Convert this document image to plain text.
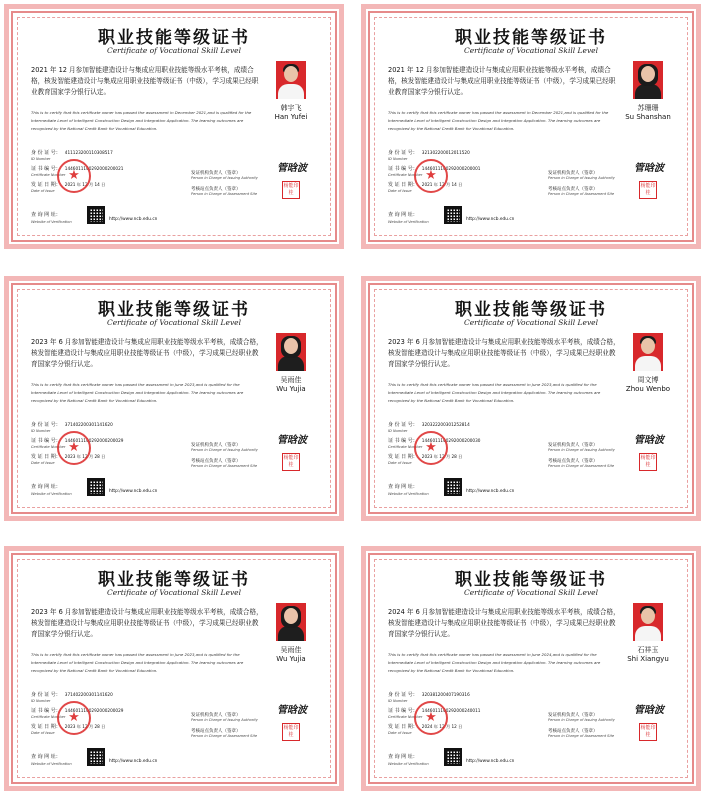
职业技能等级证书
Certificate of Vocational Skill Level
2021 年 12 月参加智能建造设计与集成应用职业技能等级水平考核，成绩合格，核发智能建造设计与集成应用职业技能等级证书（中级），学习成果已经职业教育国家学分银行认定。
This is to certify that this certificate owner has passed the assessment in December 2021,and is qualified for the Intermediate Level of Intelligent Construction Design and Integration Application. The learning outcomes are recognized by the National Credit Bank for Vocational Education.
韩宇飞
Han Yufei
身 份 证 号： 411123200110308517
ID Number
证 书 编 号： 1446011100292000200021
Certificate Number
发 证 日 期： 2021 年 12 月 14 日
Date of Issue
★	发证机构负责人（签章）
Person in Charge of Issuing Authority
考核站点负责人（签章）
Person in Charge of Assessment Site
管晗波
杨能印桂
查 询 网 址：
Website of Verification	http://www.ncb.edu.cn
职业技能等级证书
Certificate of Vocational Skill Level
2021 年 12 月参加智能建造设计与集成应用职业技能等级水平考核，成绩合格，核发智能建造设计与集成应用职业技能等级证书（中级），学习成果已经职业教育国家学分银行认定。
This is to certify that this certificate owner has passed the assessment in December 2021,and is qualified for the Intermediate Level of Intelligent Construction Design and Integration Application. The learning outcomes are recognized by the National Credit Bank for Vocational Education.
苏珊珊
Su Shanshan
身 份 证 号： 321302200012011520
ID Number
证 书 编 号： 1446011100292000200001
Certificate Number
发 证 日 期： 2021 年 12 月 14 日
Date of Issue
★	发证机构负责人（签章）
Person in Charge of Issuing Authority
考核站点负责人（签章）
Person in Charge of Assessment Site
管晗波
杨能印桂
查 询 网 址：
Website of Verification	http://www.ncb.edu.cn
职业技能等级证书
Certificate of Vocational Skill Level
2023 年 6 月参加智能建造设计与集成应用职业技能等级水平考核，成绩合格，核发智能建造设计与集成应用职业技能等级证书（中级），学习成果已经职业教育国家学分银行认定。
This is to certify that this certificate owner has passed the assessment in June 2023,and is qualified for the Intermediate Level of Intelligent Construction Design and Integration Application. The learning outcomes are recognized by the National Credit Bank for Vocational Education.
吴雨佳
Wu Yujia
身 份 证 号： 371402200301141620
ID Number
证 书 编 号： 1446011100292000200029
Certificate Number
发 证 日 期： 2023 年 12 月 28 日
Date of Issue
★	发证机构负责人（签章）
Person in Charge of Issuing Authority
考核站点负责人（签章）
Person in Charge of Assessment Site
管晗波
杨能印桂
查 询 网 址：
Website of Verification	http://www.ncb.edu.cn
职业技能等级证书
Certificate of Vocational Skill Level
2023 年 6 月参加智能建造设计与集成应用职业技能等级水平考核，成绩合格，核发智能建造设计与集成应用职业技能等级证书（中级），学习成果已经职业教育国家学分银行认定。
This is to certify that this certificate owner has passed the assessment in June 2023,and is qualified for the Intermediate Level of Intelligent Construction Design and Integration Application. The learning outcomes are recognized by the National Credit Bank for Vocational Education.
周文博
Zhou Wenbo
身 份 证 号： 320322200301252814
ID Number
证 书 编 号： 1446011100292000200030
Certificate Number
发 证 日 期： 2023 年 12 月 28 日
Date of Issue
★	发证机构负责人（签章）
Person in Charge of Issuing Authority
考核站点负责人（签章）
Person in Charge of Assessment Site
管晗波
杨能印桂
查 询 网 址：
Website of Verification	http://www.ncb.edu.cn
职业技能等级证书
Certificate of Vocational Skill Level
2023 年 6 月参加智能建造设计与集成应用职业技能等级水平考核，成绩合格，核发智能建造设计与集成应用职业技能等级证书（中级），学习成果已经职业教育国家学分银行认定。
This is to certify that this certificate owner has passed the assessment in June 2023,and is qualified for the Intermediate Level of Intelligent Construction Design and Integration Application. The learning outcomes are recognized by the National Credit Bank for Vocational Education.
吴雨佳
Wu Yujia
身 份 证 号： 371402200301141620
ID Number
证 书 编 号： 1446011100292000200029
Certificate Number
发 证 日 期： 2023 年 12 月 28 日
Date of Issue
★	发证机构负责人（签章）
Person in Charge of Issuing Authority
考核站点负责人（签章）
Person in Charge of Assessment Site
管晗波
杨能印桂
查 询 网 址：
Website of Verification	http://www.ncb.edu.cn
职业技能等级证书
Certificate of Vocational Skill Level
2024 年 6 月参加智能建造设计与集成应用职业技能等级水平考核，成绩合格，核发智能建造设计与集成应用职业技能等级证书（中级），学习成果已经职业教育国家学分银行认定。
This is to certify that this certificate owner has passed the assessment in June 2024,and is qualified for the Intermediate Level of Intelligent Construction Design and Integration Application. The learning outcomes are recognized by the National Credit Bank for Vocational Education.
石祥玉
Shi Xiangyu
身 份 证 号： 320381200407190316
ID Number
证 书 编 号： 1446011100292000240011
Certificate Number
发 证 日 期： 2024 年 12 月 12 日
Date of Issue
★	发证机构负责人（签章）
Person in Charge of Issuing Authority
考核站点负责人（签章）
Person in Charge of Assessment Site
管晗波
杨能印桂
查 询 网 址：
Website of Verification	http://www.ncb.edu.cn
